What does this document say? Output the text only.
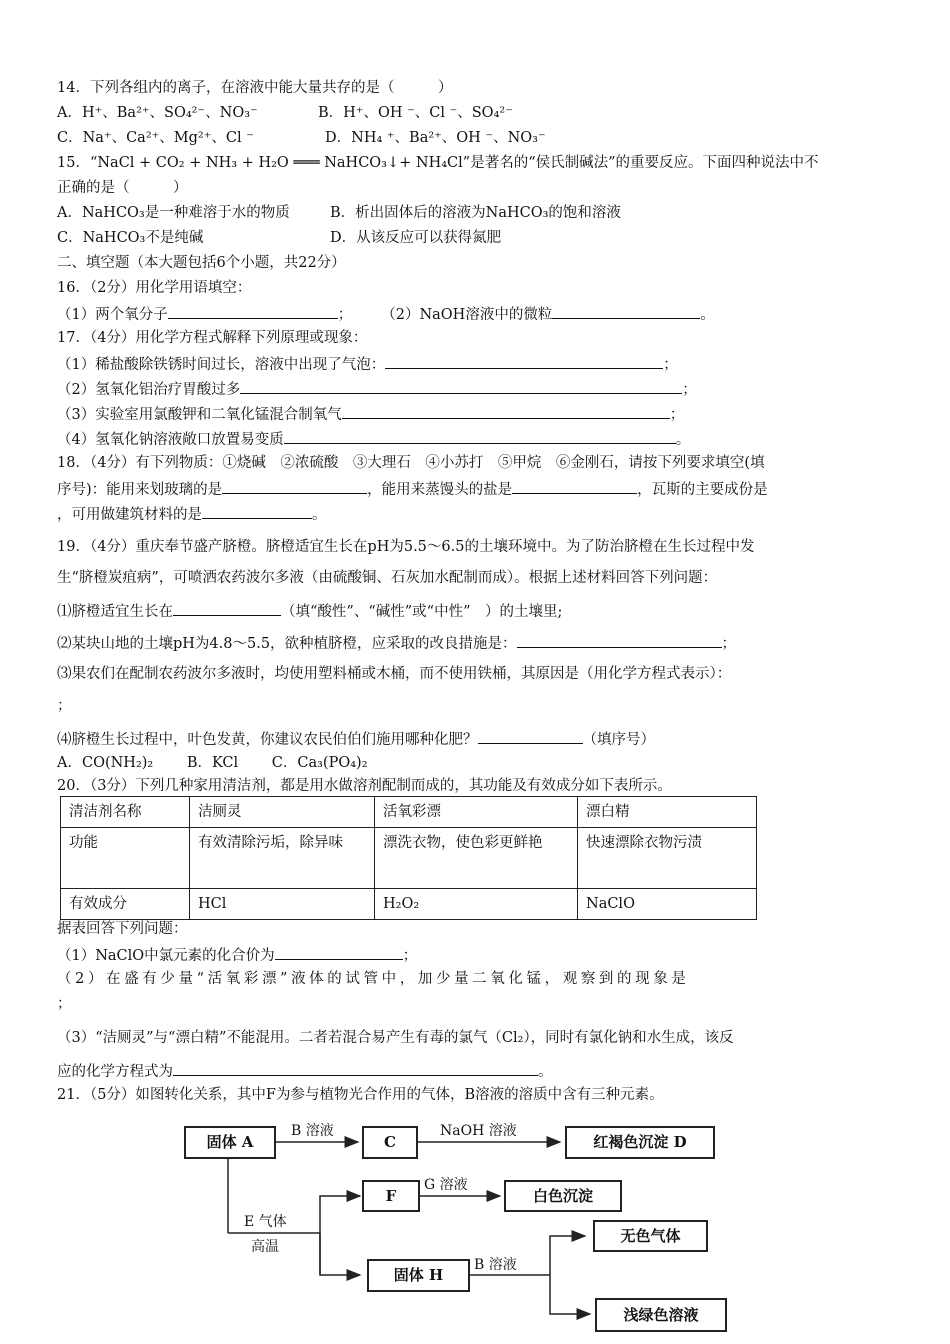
14．下列各组内的离子，在溶液中能大量共存的是（　　　）
A．H⁺、Ba²⁺、SO₄²⁻、NO₃⁻	B．H⁺、OH ⁻、Cl ⁻、SO₄²⁻
C．Na⁺、Ca²⁺、Mg²⁺、Cl ⁻	D．NH₄ ⁺、Ba²⁺、OH ⁻、NO₃⁻
15．“NaCl + CO₂ + NH₃ + H₂O ═══ NaHCO₃↓+ NH₄Cl”是著名的“侯氏制碱法”的重要反应。下面四种说法中不
正确的是（　　　）
A．NaHCO₃是一种难溶于水的物质	B．析出固体后的溶液为NaHCO₃的饱和溶液
C．NaHCO₃不是纯碱	D．从该反应可以获得氮肥
二、填空题（本大题包括6个小题，共22分）
16．（2分）用化学用语填空：
（1）两个氧分子	；　　　	（2）NaOH溶液中的微粒	。
17．（4分）用化学方程式解释下列原理或现象：
（1）稀盐酸除铁锈时间过长，溶液中出现了气泡：	；
（2）氢氧化铝治疗胃酸过多	；
（3）实验室用氯酸钾和二氧化锰混合制氧气	；
（4）氢氧化钠溶液敞口放置易变质	。
18．（4分）有下列物质：①烧碱　②浓硫酸　③大理石　④小苏打　⑤甲烷　⑥金刚石，请按下列要求填空(填
序号)：能用来划玻璃的是	，能用来蒸馒头的盐是	，瓦斯的主要成份是
，可用做建筑材料的是	。
19．（4分）重庆奉节盛产脐橙。脐橙适宜生长在pH为5.5～6.5的土壤环境中。为了防治脐橙在生长过程中发
生“脐橙炭疽病”，可喷洒农药波尔多液（由硫酸铜、石灰加水配制而成）。根据上述材料回答下列问题：
⑴脐橙适宜生长在	（填“酸性”、“碱性”或“中性”　）的土壤里;
⑵某块山地的土壤pH为4.8～5.5，欲种植脐橙，应采取的改良措施是：	；
⑶果农们在配制农药波尔多液时，均使用塑料桶或木桶，而不使用铁桶，其原因是（用化学方程式表示）：
；
⑷脐橙生长过程中，叶色发黄，你建议农民伯伯们施用哪种化肥？	（填序号）
A．CO(NH₂)₂　　 B．KCl　　 C．Ca₃(PO₄)₂
20．（3分）下列几种家用清洁剂，都是用水做溶剂配制而成的，其功能及有效成分如下表所示。
清洁剂名称	洁厕灵	活氧彩漂	漂白精
功能	有效清除污垢，除异味	漂洗衣物，使色彩更鲜艳	快速漂除衣物污渍
有效成分	HCl	H₂O₂	NaClO
据表回答下列问题：
（1）NaClO中氯元素的化合价为	；
（ 2 ） 在 盛 有 少 量 “ 活 氧 彩 漂 ” 液 体 的 试 管 中 ， 加 少 量 二 氧 化 锰 ， 观 察 到 的 现 象 是
；
（3）“洁厕灵”与“漂白精”不能混用。二者若混合易产生有毒的氯气（Cl₂），同时有氯化钠和水生成，该反
应的化学方程式为	。
21．（5分）如图转化关系，其中F为参与植物光合作用的气体，B溶液的溶质中含有三种元素。
固体 A	C	红褐色沉淀 D
F	白色沉淀
固体 H
无色气体
浅绿色溶液
B 溶液	NaOH 溶液
G 溶液
E 气体
高温
B 溶液
